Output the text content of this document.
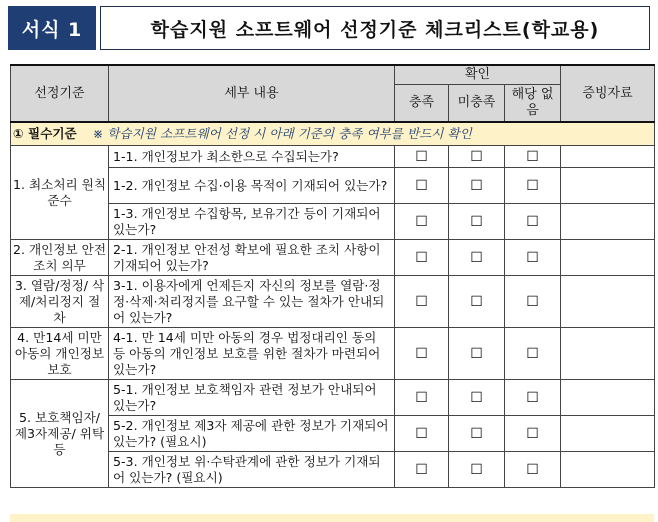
서식 1	학습지원 소프트웨어 선정기준 체크리스트(학교용)
선정기준	세부 내용	확인			증빙자료
		충족	미충족	해당 없음	
① 필수기준 ※ 학습지원 소프트웨어 선정 시 아래 기준의 충족 여부를 반드시 확인					
1. 최소처리 원칙 준수	1-1. 개인정보가 최소한으로 수집되는가?	☐	☐	☐	
	1-2. 개인정보 수집·이용 목적이 기재되어 있는가?	☐	☐	☐	
	1-3. 개인정보 수집항목, 보유기간 등이 기재되어 있는가?	☐	☐	☐	
2. 개인정보 안전조치 의무	2-1. 개인정보 안전성 확보에 필요한 조치 사항이 기재되어 있는가?	☐	☐	☐	
3. 열람/정정/ 삭제/처리정지 절차	3-1. 이용자에게 언제든지 자신의 정보를 열람·정정·삭제·처리정지를 요구할 수 있는 절차가 안내되어 있는가?	☐	☐	☐	
4. 만14세 미만 아동의 개인정보 보호	4-1. 만 14세 미만 아동의 경우 법정대리인 동의 등 아동의 개인정보 보호를 위한 절차가 마련되어 있는가?	☐	☐	☐	
5. 보호책임자/ 제3자제공/ 위탁 등	5-1. 개인정보 보호책임자 관련 정보가 안내되어 있는가?	☐	☐	☐	
	5-2. 개인정보 제3자 제공에 관한 정보가 기재되어 있는가? (필요시)	☐	☐	☐	
	5-3. 개인정보 위·수탁관계에 관한 정보가 기재되어 있는가? (필요시)	☐	☐	☐	
